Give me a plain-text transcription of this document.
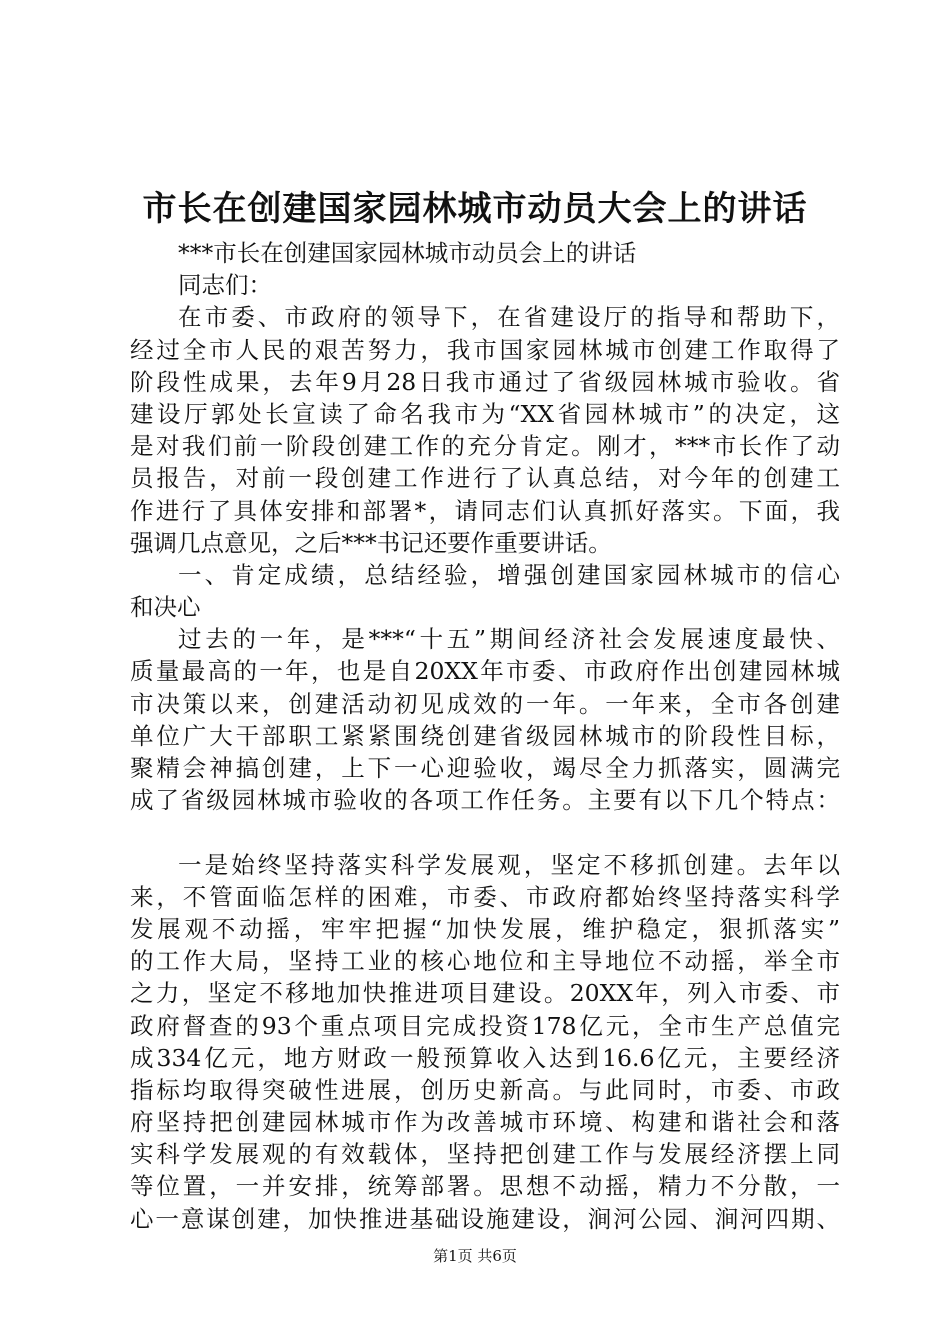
市长在创建国家园林城市动员大会上的讲话
***市长在创建国家园林城市动员会上的讲话
同志们：
在市委、市政府的领导下，在省建设厅的指导和帮助下，
经过全市人民的艰苦努力，我市国家园林城市创建工作取得了
阶段性成果，去年9月28日我市通过了省级园林城市验收。省
建设厅郭处长宣读了命名我市为“XX省园林城市”的决定，这
是对我们前一阶段创建工作的充分肯定。刚才，***市长作了动
员报告，对前一段创建工作进行了认真总结，对今年的创建工
作进行了具体安排和部署*，请同志们认真抓好落实。下面，我
强调几点意见，之后***书记还要作重要讲话。
一、肯定成绩，总结经验，增强创建国家园林城市的信心
和决心
过去的一年，是***“十五”期间经济社会发展速度最快、
质量最高的一年，也是自20XX年市委、市政府作出创建园林城
市决策以来，创建活动初见成效的一年。一年来，全市各创建
单位广大干部职工紧紧围绕创建省级园林城市的阶段性目标，
聚精会神搞创建，上下一心迎验收，竭尽全力抓落实，圆满完
成了省级园林城市验收的各项工作任务。主要有以下几个特点：
一是始终坚持落实科学发展观，坚定不移抓创建。去年以
来，不管面临怎样的困难，市委、市政府都始终坚持落实科学
发展观不动摇，牢牢把握“加快发展，维护稳定，狠抓落实”
的工作大局，坚持工业的核心地位和主导地位不动摇，举全市
之力，坚定不移地加快推进项目建设。20XX年，列入市委、市
政府督查的93个重点项目完成投资178亿元，全市生产总值完
成334亿元，地方财政一般预算收入达到16.6亿元，主要经济
指标均取得突破性进展，创历史新高。与此同时，市委、市政
府坚持把创建园林城市作为改善城市环境、构建和谐社会和落
实科学发展观的有效载体，坚持把创建工作与发展经济摆上同
等位置，一并安排，统筹部署。思想不动摇，精力不分散，一
心一意谋创建，加快推进基础设施建设，涧河公园、涧河四期、
第1页 共6页
